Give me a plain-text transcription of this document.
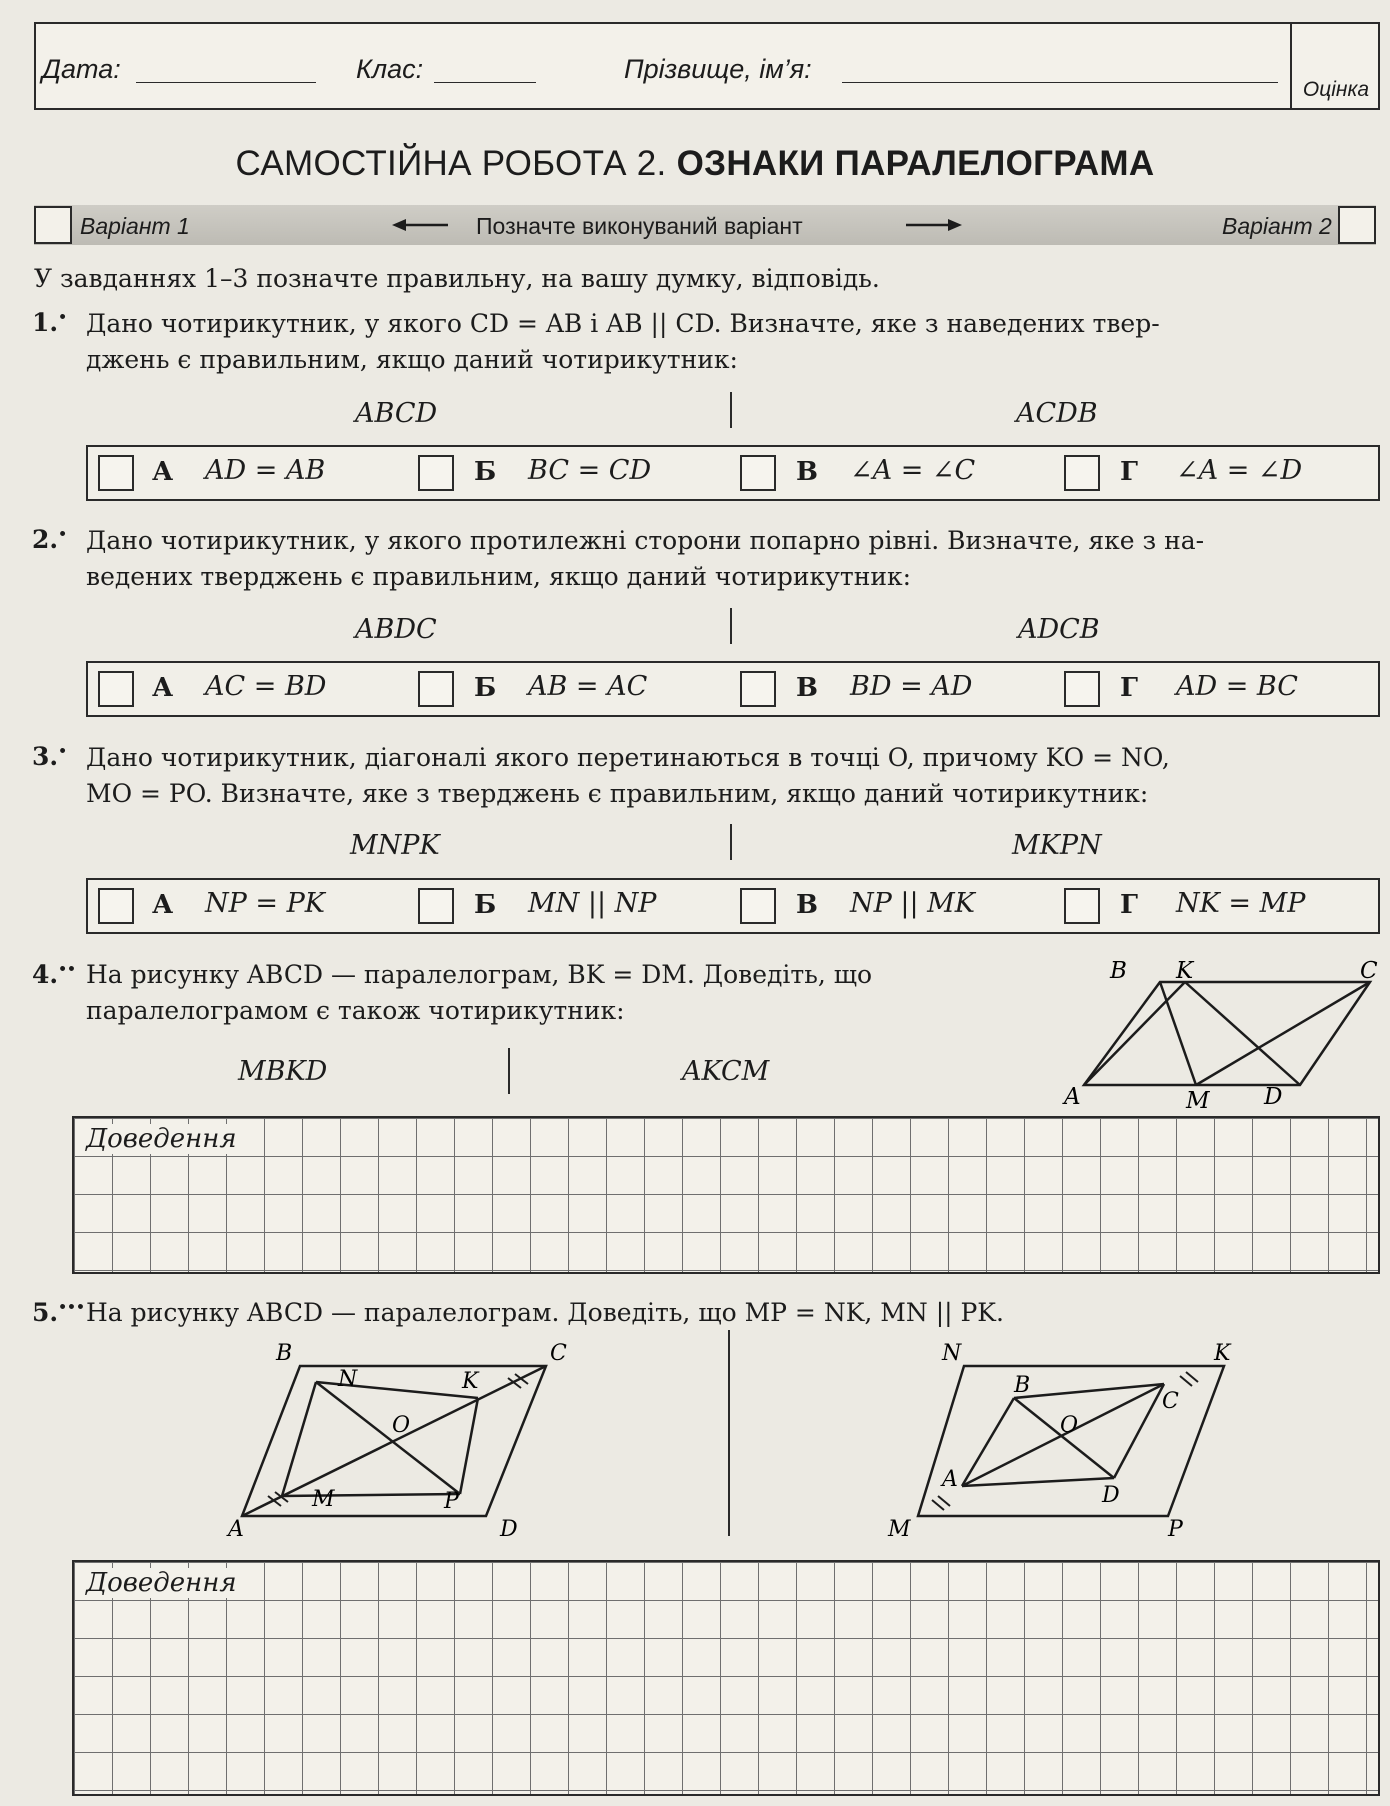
Дата:	Клас:	Прізвище, ім’я:
Оцінка
САМОСТІЙНА РОБОТА 2. ОЗНАКИ ПАРАЛЕЛОГРАМА
Варіант 1	Позначте виконуваний варіант	Варіант 2
У завданнях 1–3 позначте правильну, на вашу думку, відповідь.
1.• Дано чотирикутник, у якого CD = AB і AB || CD. Визначте, яке з наведених твер-
джень є правильним, якщо даний чотирикутник:
ABCD	ACDB
А AD = AB	Б BC = CD	В ∠A = ∠C	Г ∠A = ∠D
2.• Дано чотирикутник, у якого протилежні сторони попарно рівні. Визначте, яке з на-
ведених тверджень є правильним, якщо даний чотирикутник:
ABDC	ADCB
А AC = BD	Б AB = AC	В BD = AD	Г AD = BC
3.• Дано чотирикутник, діагоналі якого перетинаються в точці O, причому KO = NO,
MO = PO. Визначте, яке з тверджень є правильним, якщо даний чотирикутник:
MNPK	MKPN
А NP = PK	Б MN || NP	В NP || MK	Г NK = MP
4.•• На рисунку ABCD — паралелограм, BK = DM. Доведіть, що
паралелограмом є також чотирикутник:
MBKD	AKCM
B K	C
A	M D
Доведення
5.••• На рисунку ABCD — паралелограм. Доведіть, що MP = NK, MN || PK.
B
N	K
C
O
M	P
A	D
N
B
K
C
O
A
D
M	P
Доведення
